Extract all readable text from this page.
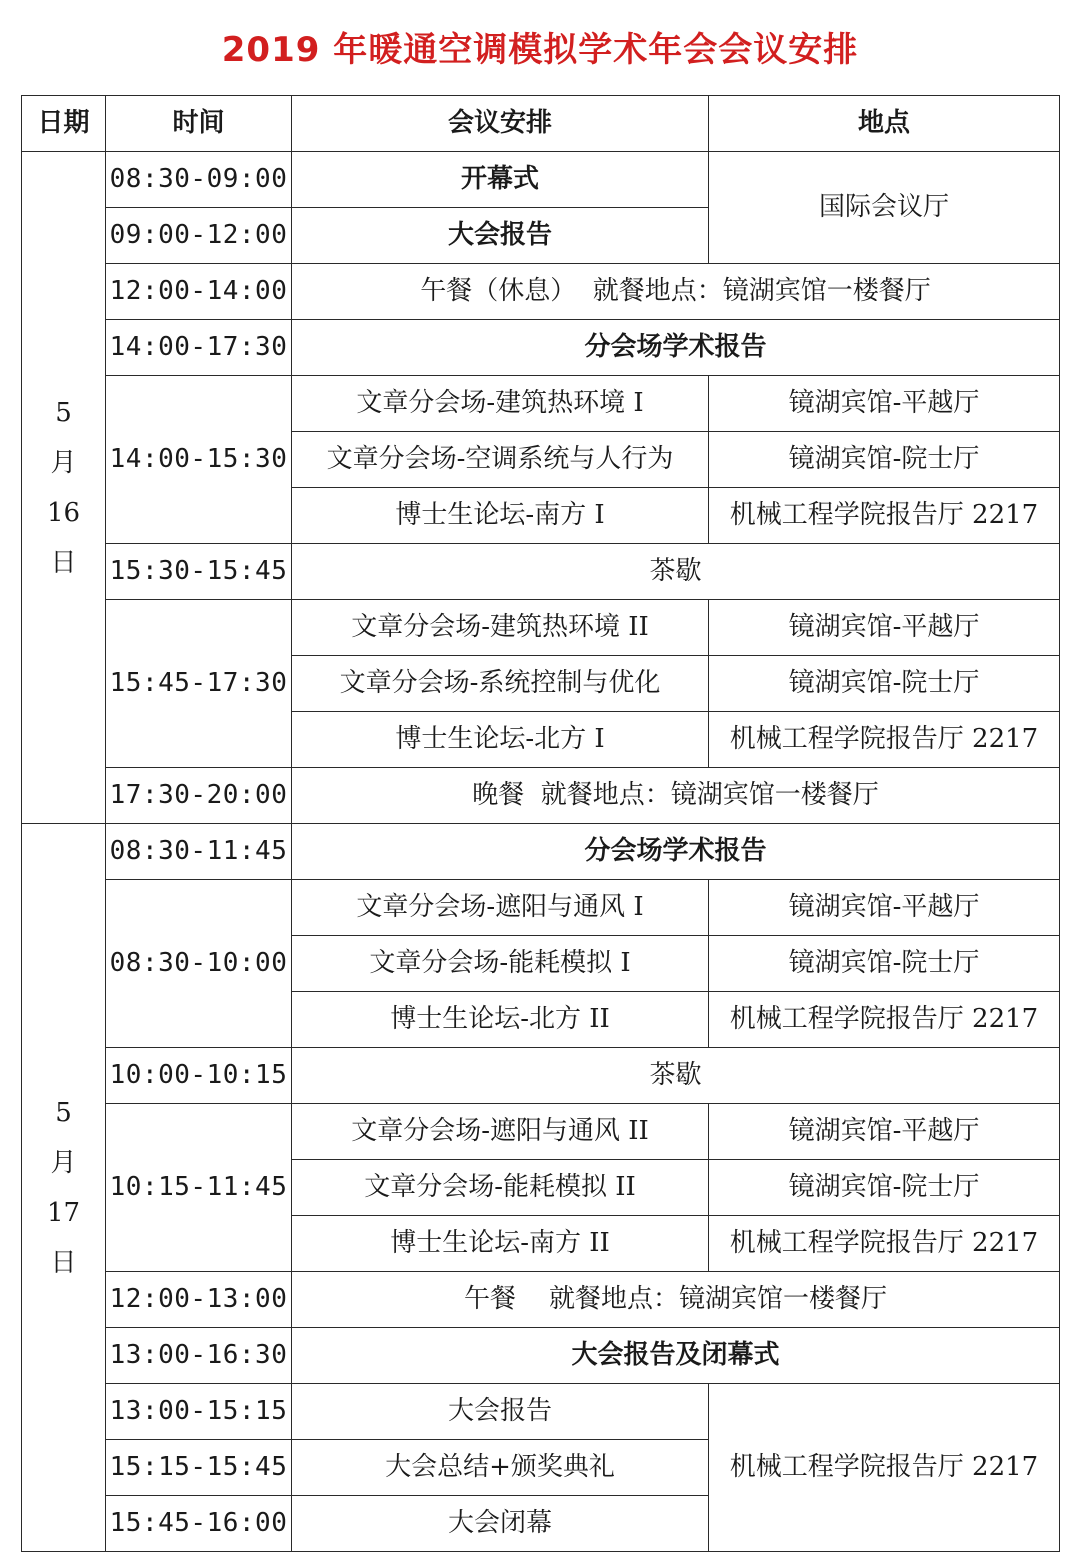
2019 年暖通空调模拟学术年会会议安排
日期	时间	会议安排	地点

5
月
16
日	08:30-09:00	开幕式	国际会议厅
	09:00-12:00	大会报告	
	12:00-14:00	午餐（休息）  就餐地点：镜湖宾馆一楼餐厅	
	14:00-17:30	分会场学术报告	
	14:00-15:30	文章分会场-建筑热环境 I	镜湖宾馆-平越厅
		文章分会场-空调系统与人行为	镜湖宾馆-院士厅
		博士生论坛-南方 I	机械工程学院报告厅 2217
	15:30-15:45	茶歇	
	15:45-17:30	文章分会场-建筑热环境 II	镜湖宾馆-平越厅
		文章分会场-系统控制与优化	镜湖宾馆-院士厅
		博士生论坛-北方 I	机械工程学院报告厅 2217
	17:30-20:00	晚餐  就餐地点：镜湖宾馆一楼餐厅	

5
月
17
日	08:30-11:45	分会场学术报告	
	08:30-10:00	文章分会场-遮阳与通风 I	镜湖宾馆-平越厅
		文章分会场-能耗模拟 I	镜湖宾馆-院士厅
		博士生论坛-北方 II	机械工程学院报告厅 2217
	10:00-10:15	茶歇	
	10:15-11:45	文章分会场-遮阳与通风 II	镜湖宾馆-平越厅
		文章分会场-能耗模拟 II	镜湖宾馆-院士厅
		博士生论坛-南方 II	机械工程学院报告厅 2217
	12:00-13:00	午餐    就餐地点：镜湖宾馆一楼餐厅	
	13:00-16:30	大会报告及闭幕式	
	13:00-15:15	大会报告	机械工程学院报告厅 2217
	15:15-15:45	大会总结+颁奖典礼	
	15:45-16:00	大会闭幕	
